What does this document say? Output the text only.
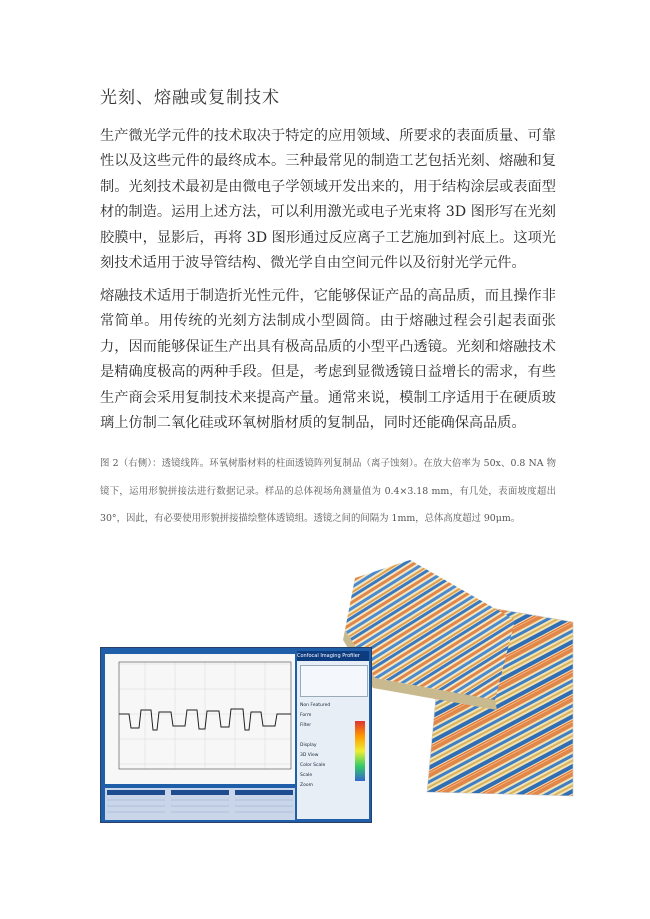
光刻、熔融或复制技术

生产微光学元件的技术取决于特定的应用领域、所要求的表面质量、可靠性以及这些元件的最终成本。三种最常见的制造工艺包括光刻、熔融和复制。光刻技术最初是由微电子学领域开发出来的，用于结构涂层或表面型材的制造。运用上述方法，可以利用激光或电子光束将 3D 图形写在光刻胶膜中，显影后，再将 3D 图形通过反应离子工艺施加到衬底上。这项光刻技术适用于波导管结构、微光学自由空间元件以及衍射光学元件。

熔融技术适用于制造折光性元件，它能够保证产品的高品质，而且操作非常简单。用传统的光刻方法制成小型圆筒。由于熔融过程会引起表面张力，因而能够保证生产出具有极高品质的小型平凸透镜。光刻和熔融技术是精确度极高的两种手段。但是，考虑到显微透镜日益增长的需求，有些生产商会采用复制技术来提高产量。通常来说，模制工序适用于在硬质玻璃上仿制二氧化硅或环氧树脂材质的复制品，同时还能确保高品质。

图 2（右侧）：透镜线阵。环氧树脂材料的柱面透镜阵列复制品（离子蚀刻）。在放大倍率为 50x、0.8 NA 物镜下，运用形貌拼接法进行数据记录。样品的总体视场角测量值为 0.4×3.18 mm，有几处，表面坡度超出 30°，因此，有必要使用形貌拼接描绘整体透镜组。透镜之间的间隔为 1mm，总体高度超过 90μm。

Confocal Imaging Profiler
Non Featured
Form
Filter
Display
3D View
Color Scale
Scale
Zoom
